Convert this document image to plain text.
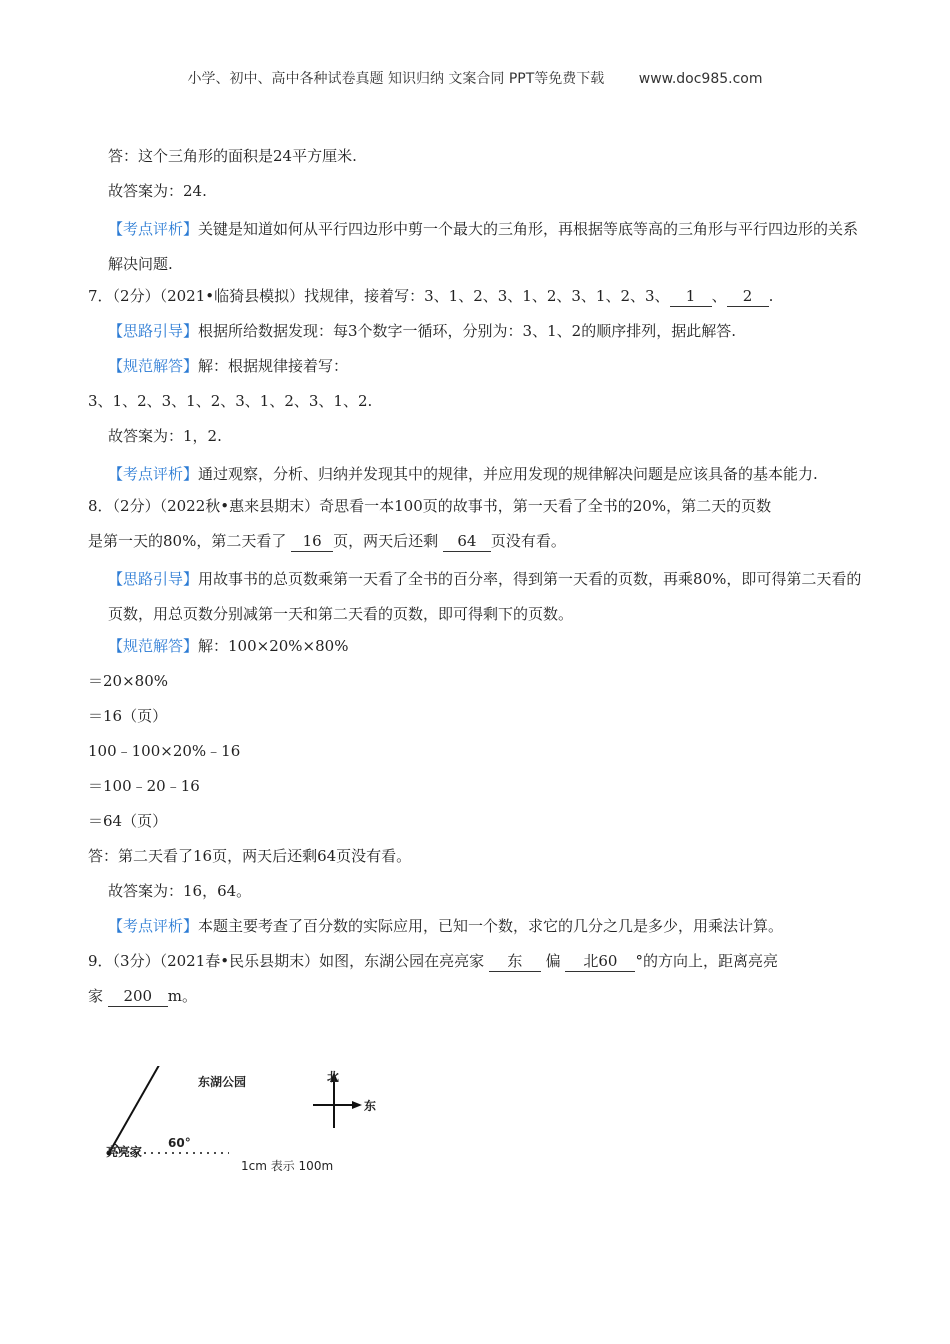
小学、初中、高中各种试卷真题 知识归纳 文案合同 PPT等免费下载 www.doc985.com
答：这个三角形的面积是24平方厘米.
故答案为：24.
【考点评析】关键是知道如何从平行四边形中剪一个最大的三角形，再根据等底等高的三角形与平行四边形的关系解决问题.
7．（2分）（2021•临猗县模拟）找规律，接着写：3、1、2、3、1、2、3、1、2、3、 1 、 2 .
【思路引导】根据所给数据发现：每3个数字一循环，分别为：3、1、2的顺序排列，据此解答.
【规范解答】解：根据规律接着写：
3、1、2、3、1、2、3、1、2、3、1、2.
故答案为：1，2.
【考点评析】通过观察，分析、归纳并发现其中的规律，并应用发现的规律解决问题是应该具备的基本能力.
8．（2分）（2022秋•惠来县期末）奇思看一本100页的故事书，第一天看了全书的20%，第二天的页数
是第一天的80%，第二天看了 16 页，两天后还剩 64 页没有看。
【思路引导】用故事书的总页数乘第一天看了全书的百分率，得到第一天看的页数，再乘80%，即可得第二天看的页数，用总页数分别减第一天和第二天看的页数，即可得剩下的页数。
【规范解答】解：100×20%×80%
＝20×80%
＝16（页）
100﹣100×20%﹣16
＝100﹣20﹣16
＝64（页）
答：第二天看了16页，两天后还剩64页没有看。
故答案为：16，64。
【考点评析】本题主要考查了百分数的实际应用，已知一个数，求它的几分之几是多少，用乘法计算。
9．（3分）（2021春•民乐县期末）如图，东湖公园在亮亮家 东 偏 北60 °的方向上，距离亮亮
家 200 m。
东湖公园
亮亮家
60°
北
东
1cm 表示 100m
